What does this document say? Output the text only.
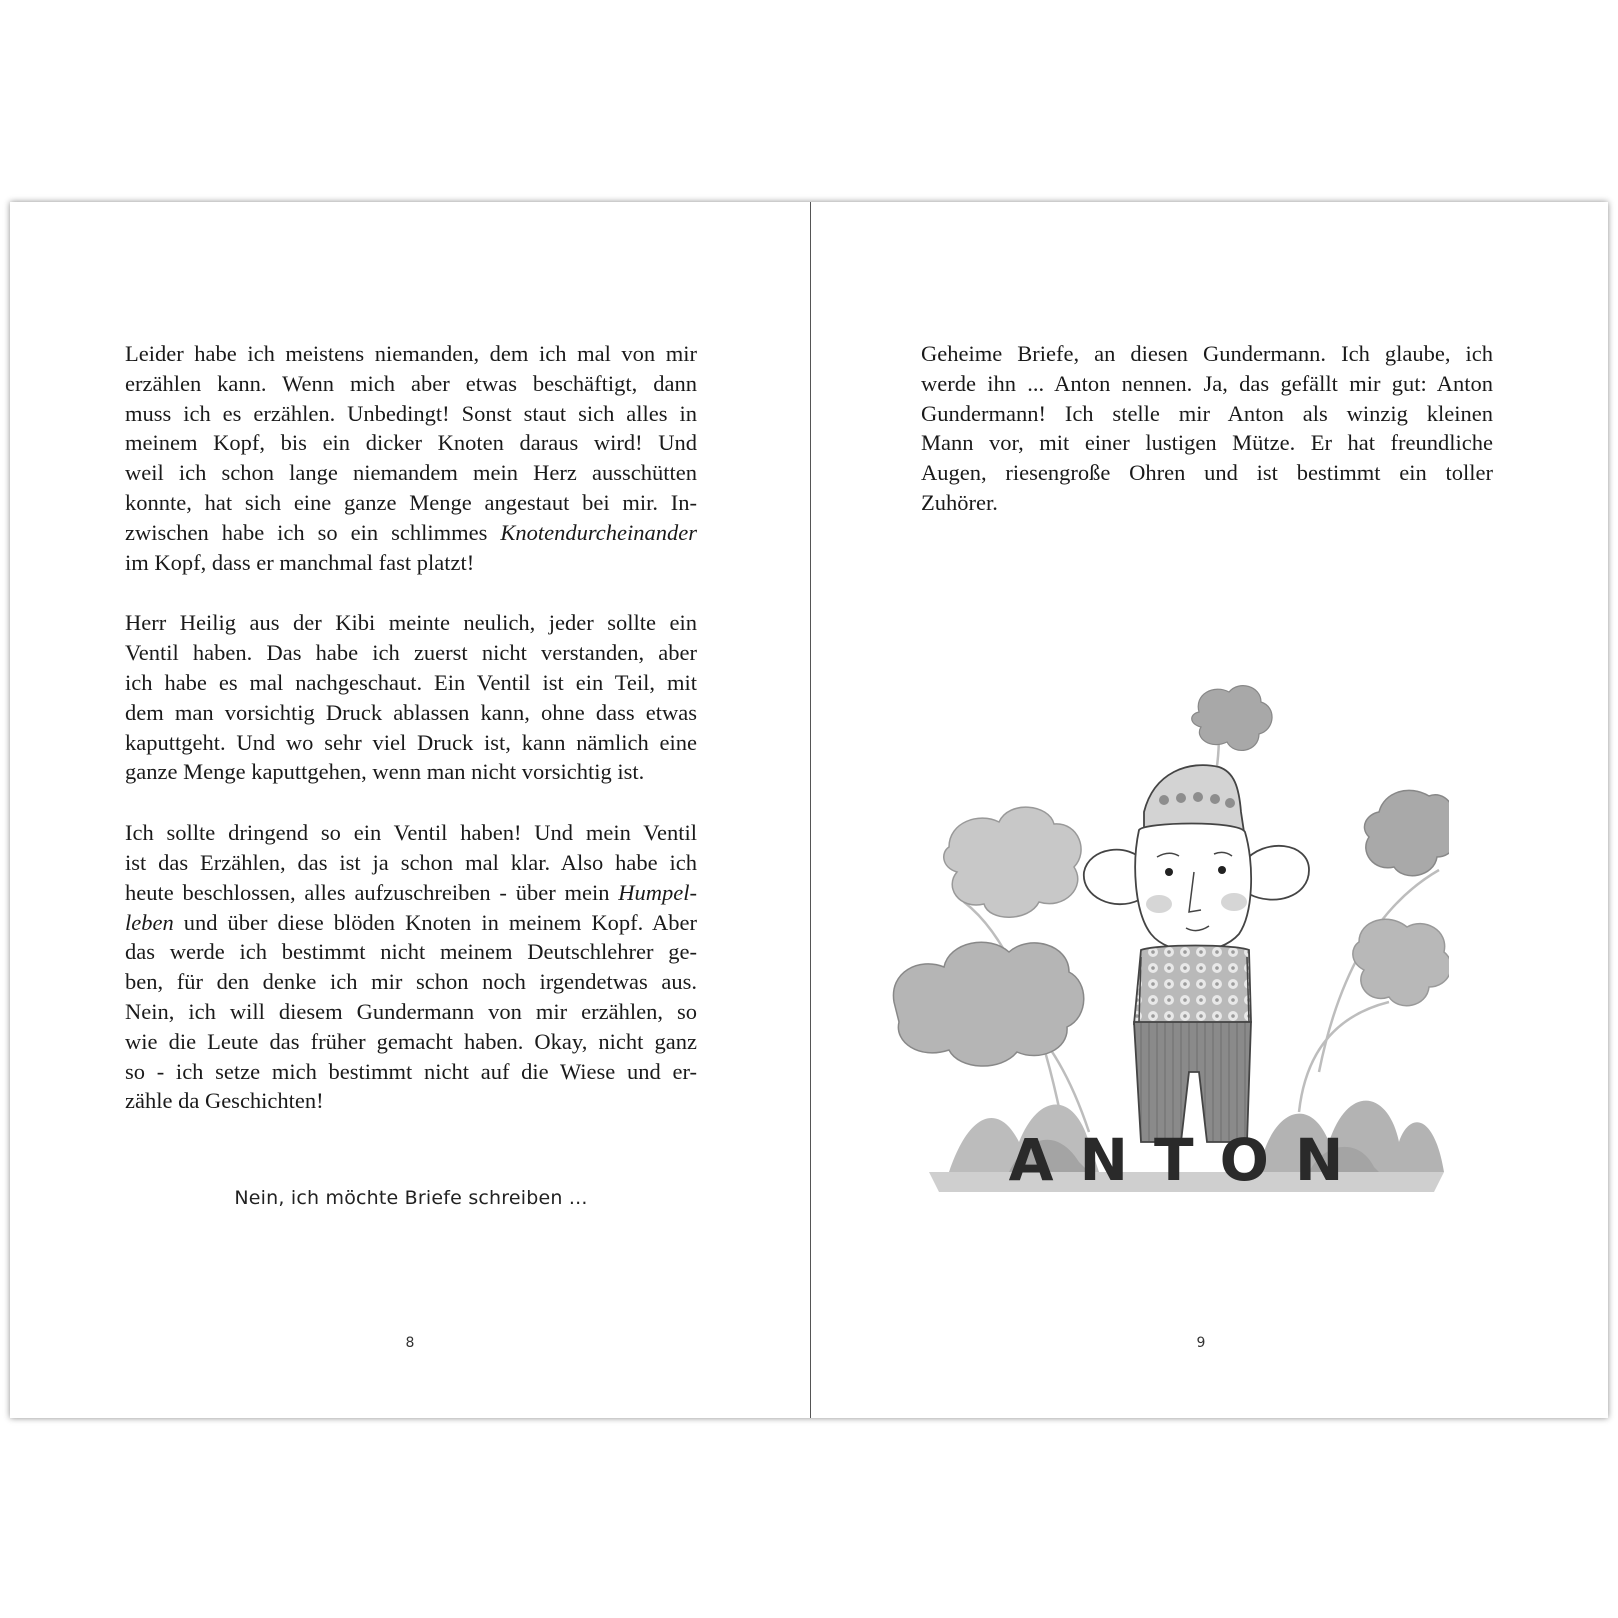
Leider habe ich meistens niemanden, dem ich mal von mir
erzählen kann. Wenn mich aber etwas beschäftigt, dann
muss ich es erzählen. Unbedingt! Sonst staut sich alles in
meinem Kopf, bis ein dicker Knoten daraus wird! Und
weil ich schon lange niemandem mein Herz ausschütten
konnte, hat sich eine ganze Menge angestaut bei mir. In-
zwischen habe ich so ein schlimmes Knotendurcheinander
im Kopf, dass er manchmal fast platzt!

Herr Heilig aus der Kibi meinte neulich, jeder sollte ein
Ventil haben. Das habe ich zuerst nicht verstanden, aber
ich habe es mal nachgeschaut. Ein Ventil ist ein Teil, mit
dem man vorsichtig Druck ablassen kann, ohne dass etwas
kaputtgeht. Und wo sehr viel Druck ist, kann nämlich eine
ganze Menge kaputtgehen, wenn man nicht vorsichtig ist.

Ich sollte dringend so ein Ventil haben! Und mein Ventil
ist das Erzählen, das ist ja schon mal klar. Also habe ich
heute beschlossen, alles aufzuschreiben - über mein Humpel-
leben und über diese blöden Knoten in meinem Kopf. Aber
das werde ich bestimmt nicht meinem Deutschlehrer ge-
ben, für den denke ich mir schon noch irgendetwas aus.
Nein, ich will diesem Gundermann von mir erzählen, so
wie die Leute das früher gemacht haben. Okay, nicht ganz
so - ich setze mich bestimmt nicht auf die Wiese und er-
zähle da Geschichten!

Nein, ich möchte Briefe schreiben ...
8

Geheime Briefe, an diesen Gundermann. Ich glaube, ich
werde ihn ... Anton nennen. Ja, das gefällt mir gut: Anton
Gundermann! Ich stelle mir Anton als winzig kleinen
Mann vor, mit einer lustigen Mütze. Er hat freundliche
Augen, riesengroße Ohren und ist bestimmt ein toller
Zuhörer.

ANTON
9
